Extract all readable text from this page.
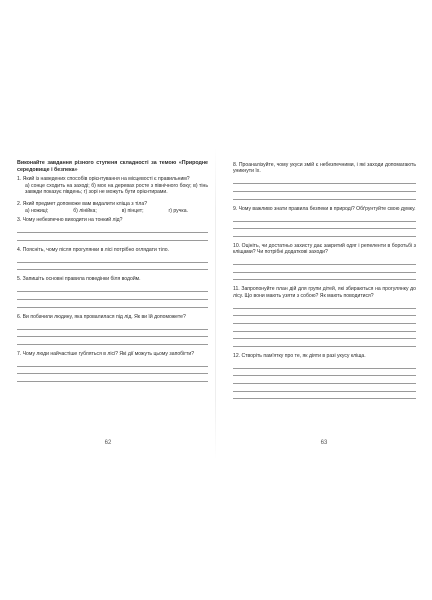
Виконайте завдання різного ступеня складності за темою «Природне середовище і безпека»

1. Який із наведених способів орієнтування на місцевості є правильним?

а) сонце сходить на заході; б) мох на деревах росте з північного боку; в) тінь завжди показує південь; г) зорі не можуть бути орієнтирами.

2. Який предмет допоможе вам видалити кліща з тіла?

а) ножиці;	б) лінійка;	в) пінцет;	г) ручка.

3. Чому небезпечно виходити на тонкий лід?

4. Поясніть, чому після прогулянки в лісі потрібно оглядати тіло.

5. Запишіть основні правила поведінки біля водойм.

6. Ви побачили людину, яка провалилася під лід. Як ви їй допоможете?

7. Чому люди найчастіше губляться в лісі? Які дії можуть цьому запобігти?

62

8. Проаналізуйте, чому укуси змій є небезпечними, і які заходи допомагають уникнути їх.

9. Чому важливо знати правила безпеки в природі? Обґрунтуйте свою думку.

10. Оцініть, чи достатньо захисту дає закритий одяг і репеленти в боротьбі з кліщами? Чи потрібні додаткові заходи?

11. Запропонуйте план дій для групи дітей, які збираються на прогулянку до лісу. Що вони мають узяти з собою? Як мають поводитися?

12. Створіть пам'ятку про те, як діяти в разі укусу кліща.

63
